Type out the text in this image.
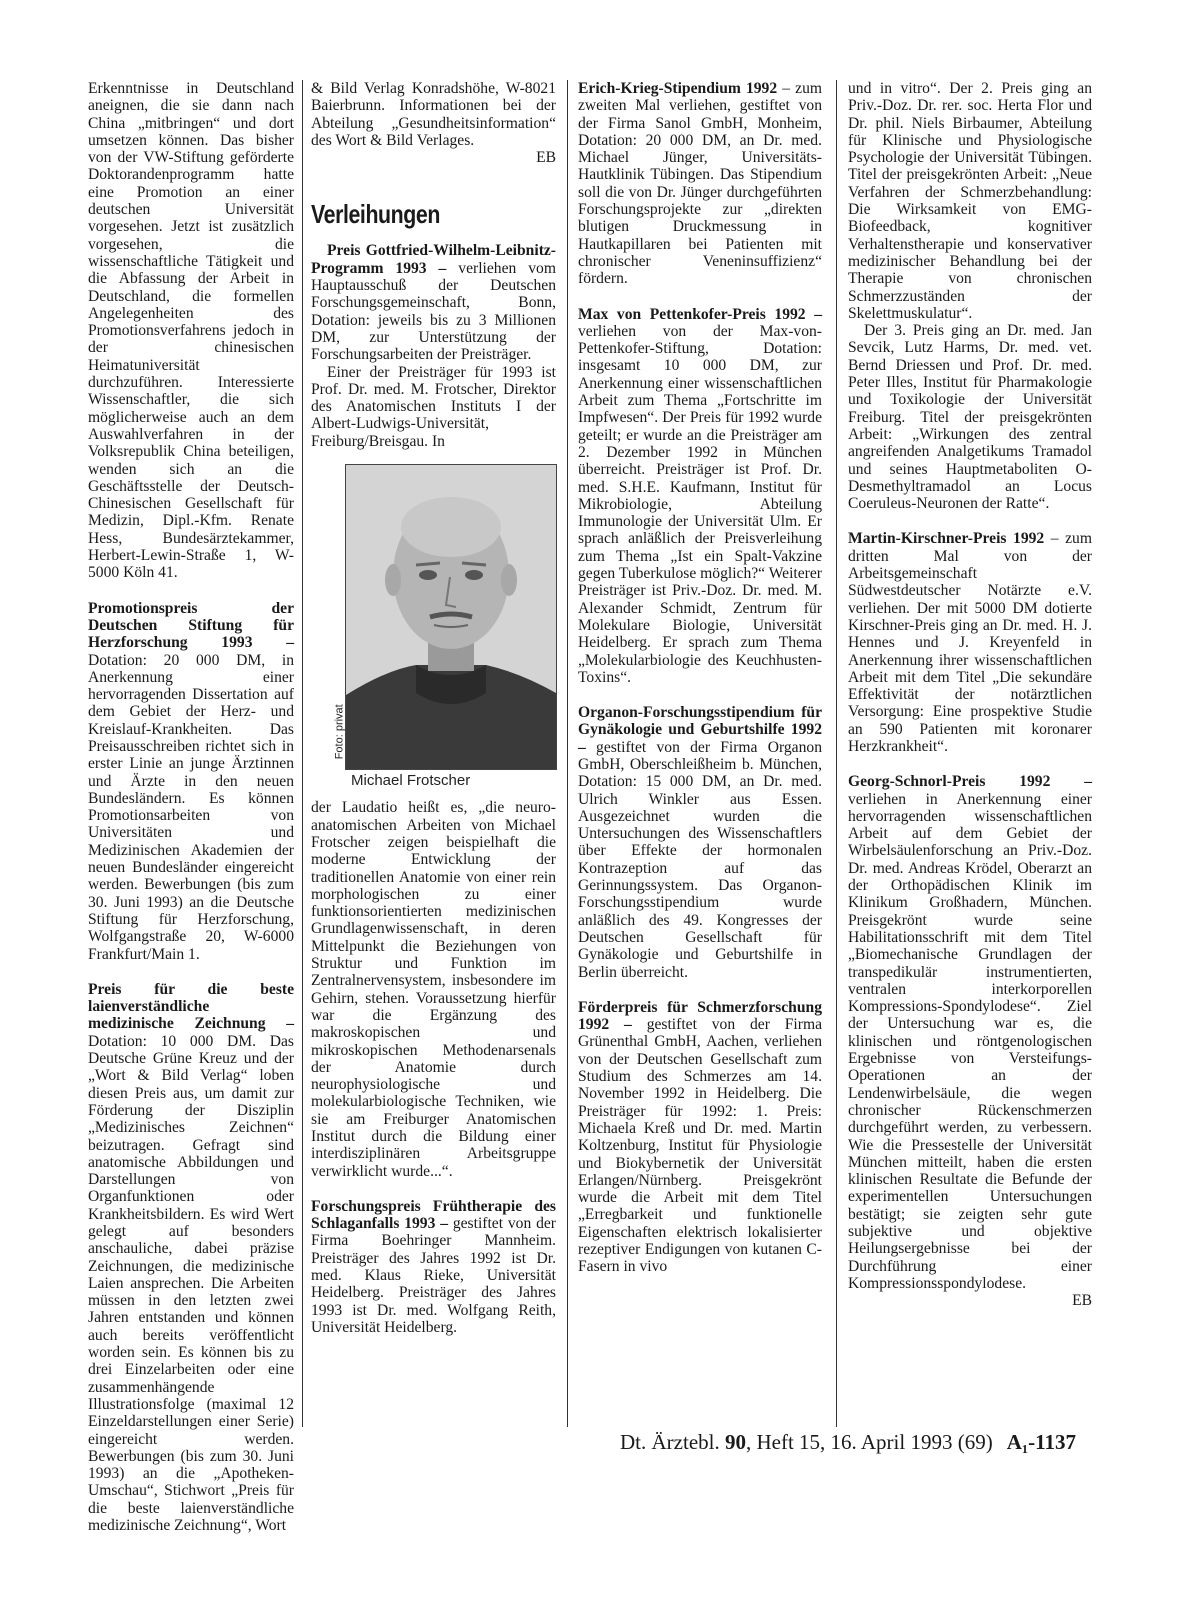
Erkenntnisse in Deutschland aneignen, die sie dann nach China „mitbringen“ und dort umsetzen können. Das bisher von der VW-Stiftung geförderte Doktorandenprogramm hatte eine Promotion an einer deutschen Universität vorgesehen. Jetzt ist zusätzlich vorgesehen, die wissenschaftliche Tätigkeit und die Abfassung der Arbeit in Deutschland, die formellen Angelegenheiten des Promotionsverfahrens jedoch in der chinesischen Heimatuniversität durchzuführen. Interessierte Wissenschaftler, die sich möglicherweise auch an dem Auswahlverfahren in der Volksrepublik China beteiligen, wenden sich an die Geschäftsstelle der Deutsch-Chinesischen Gesellschaft für Medizin, Dipl.-Kfm. Renate Hess, Bundesärztekammer, Herbert-Lewin-Straße 1, W-5000 Köln 41.

Promotionspreis der Deutschen Stiftung für Herzforschung 1993 – Dotation: 20 000 DM, in Anerkennung einer hervorragenden Dissertation auf dem Gebiet der Herz- und Kreislauf-Krankheiten. Das Preisausschreiben richtet sich in erster Linie an junge Ärztinnen und Ärzte in den neuen Bundesländern. Es können Promotionsarbeiten von Universitäten und Medizinischen Akademien der neuen Bundesländer eingereicht werden. Bewerbungen (bis zum 30. Juni 1993) an die Deutsche Stiftung für Herzforschung, Wolfgangstraße 20, W-6000 Frankfurt/Main 1.

Preis für die beste laienverständliche medizinische Zeichnung – Dotation: 10 000 DM. Das Deutsche Grüne Kreuz und der „Wort & Bild Verlag“ loben diesen Preis aus, um damit zur Förderung der Disziplin „Medizinisches Zeichnen“ beizutragen. Gefragt sind anatomische Abbildungen und Darstellungen von Organfunktionen oder Krankheitsbildern. Es wird Wert gelegt auf besonders anschauliche, dabei präzise Zeichnungen, die medizinische Laien ansprechen. Die Arbeiten müssen in den letzten zwei Jahren entstanden und können auch bereits veröffentlicht worden sein. Es können bis zu drei Einzelarbeiten oder eine zusammenhängende Illustrationsfolge (maximal 12 Einzeldarstellungen einer Serie) eingereicht werden. Bewerbungen (bis zum 30. Juni 1993) an die „Apotheken-Umschau“, Stichwort „Preis für die beste laienverständliche medizinische Zeichnung“, Wort

& Bild Verlag Konradshöhe, W-8021 Baierbrunn. Informationen bei der Abteilung „Gesundheitsinformation“ des Wort & Bild Verlages.
EB

Verleihungen

Preis Gottfried-Wilhelm-Leibnitz-Programm 1993 – verliehen vom Hauptausschuß der Deutschen Forschungsgemeinschaft, Bonn, Dotation: jeweils bis zu 3 Millionen DM, zur Unterstützung der Forschungsarbeiten der Preisträger.

Einer der Preisträger für 1993 ist Prof. Dr. med. M. Frotscher, Direktor des Anatomischen Instituts I der Albert-Ludwigs-Universität, Freiburg/Breisgau. In

Foto: privat
Michael Frotscher

der Laudatio heißt es, „die neuro-anatomischen Arbeiten von Michael Frotscher zeigen beispielhaft die moderne Entwicklung der traditionellen Anatomie von einer rein morphologischen zu einer funktionsorientierten medizinischen Grundlagenwissenschaft, in deren Mittelpunkt die Beziehungen von Struktur und Funktion im Zentralnervensystem, insbesondere im Gehirn, stehen. Voraussetzung hierfür war die Ergänzung des makroskopischen und mikroskopischen Methodenarsenals der Anatomie durch neurophysiologische und molekularbiologische Techniken, wie sie am Freiburger Anatomischen Institut durch die Bildung einer interdisziplinären Arbeitsgruppe verwirklicht wurde...“.

Forschungspreis Frühtherapie des Schlaganfalls 1993 – gestiftet von der Firma Boehringer Mannheim. Preisträger des Jahres 1992 ist Dr. med. Klaus Rieke, Universität Heidelberg. Preisträger des Jahres 1993 ist Dr. med. Wolfgang Reith, Universität Heidelberg.

Erich-Krieg-Stipendium 1992 – zum zweiten Mal verliehen, gestiftet von der Firma Sanol GmbH, Monheim, Dotation: 20 000 DM, an Dr. med. Michael Jünger, Universitäts-Hautklinik Tübingen. Das Stipendium soll die von Dr. Jünger durchgeführten Forschungsprojekte zur „direkten blutigen Druckmessung in Hautkapillaren bei Patienten mit chronischer Veneninsuffizienz“ fördern.

Max von Pettenkofer-Preis 1992 – verliehen von der Max-von-Pettenkofer-Stiftung, Dotation: insgesamt 10 000 DM, zur Anerkennung einer wissenschaftlichen Arbeit zum Thema „Fortschritte im Impfwesen“. Der Preis für 1992 wurde geteilt; er wurde an die Preisträger am 2. Dezember 1992 in München überreicht. Preisträger ist Prof. Dr. med. S.H.E. Kaufmann, Institut für Mikrobiologie, Abteilung Immunologie der Universität Ulm. Er sprach anläßlich der Preisverleihung zum Thema „Ist ein Spalt-Vakzine gegen Tuberkulose möglich?“ Weiterer Preisträger ist Priv.-Doz. Dr. med. M. Alexander Schmidt, Zentrum für Molekulare Biologie, Universität Heidelberg. Er sprach zum Thema „Molekularbiologie des Keuchhusten-Toxins“.

Organon-Forschungsstipendium für Gynäkologie und Geburtshilfe 1992 – gestiftet von der Firma Organon GmbH, Oberschleißheim b. München, Dotation: 15 000 DM, an Dr. med. Ulrich Winkler aus Essen. Ausgezeichnet wurden die Untersuchungen des Wissenschaftlers über Effekte der hormonalen Kontrazeption auf das Gerinnungssystem. Das Organon-Forschungsstipendium wurde anläßlich des 49. Kongresses der Deutschen Gesellschaft für Gynäkologie und Geburtshilfe in Berlin überreicht.

Förderpreis für Schmerzforschung 1992 – gestiftet von der Firma Grünenthal GmbH, Aachen, verliehen von der Deutschen Gesellschaft zum Studium des Schmerzes am 14. November 1992 in Heidelberg. Die Preisträger für 1992: 1. Preis: Michaela Kreß und Dr. med. Martin Koltzenburg, Institut für Physiologie und Biokybernetik der Universität Erlangen/Nürnberg. Preisgekrönt wurde die Arbeit mit dem Titel „Erregbarkeit und funktionelle Eigenschaften elektrisch lokalisierter rezeptiver Endigungen von kutanen C-Fasern in vivo

und in vitro“. Der 2. Preis ging an Priv.-Doz. Dr. rer. soc. Herta Flor und Dr. phil. Niels Birbaumer, Abteilung für Klinische und Physiologische Psychologie der Universität Tübingen. Titel der preisgekrönten Arbeit: „Neue Verfahren der Schmerzbehandlung: Die Wirksamkeit von EMG-Biofeedback, kognitiver Verhaltenstherapie und konservativer medizinischer Behandlung bei der Therapie von chronischen Schmerzzuständen der Skelettmuskulatur“.

Der 3. Preis ging an Dr. med. Jan Sevcik, Lutz Harms, Dr. med. vet. Bernd Driessen und Prof. Dr. med. Peter Illes, Institut für Pharmakologie und Toxikologie der Universität Freiburg. Titel der preisgekrönten Arbeit: „Wirkungen des zentral angreifenden Analgetikums Tramadol und seines Hauptmetaboliten O-Desmethyltramadol an Locus Coeruleus-Neuronen der Ratte“.

Martin-Kirschner-Preis 1992 – zum dritten Mal von der Arbeitsgemeinschaft Südwestdeutscher Notärzte e.V. verliehen. Der mit 5000 DM dotierte Kirschner-Preis ging an Dr. med. H. J. Hennes und J. Kreyenfeld in Anerkennung ihrer wissenschaftlichen Arbeit mit dem Titel „Die sekundäre Effektivität der notärztlichen Versorgung: Eine prospektive Studie an 590 Patienten mit koronarer Herzkrankheit“.

Georg-Schnorl-Preis 1992 – verliehen in Anerkennung einer hervorragenden wissenschaftlichen Arbeit auf dem Gebiet der Wirbelsäulenforschung an Priv.-Doz. Dr. med. Andreas Krödel, Oberarzt an der Orthopädischen Klinik im Klinikum Großhadern, München. Preisgekrönt wurde seine Habilitationsschrift mit dem Titel „Biomechanische Grundlagen der transpedikulär instrumentierten, ventralen interkorporellen Kompressions-Spondylodese“. Ziel der Untersuchung war es, die klinischen und röntgenologischen Ergebnisse von Versteifungs-Operationen an der Lendenwirbelsäule, die wegen chronischer Rückenschmerzen durchgeführt werden, zu verbessern. Wie die Pressestelle der Universität München mitteilt, haben die ersten klinischen Resultate die Befunde der experimentellen Untersuchungen bestätigt; sie zeigten sehr gute subjektive und objektive Heilungsergebnisse bei der Durchführung einer Kompressionsspondylodese.
EB

Dt. Ärztebl. 90, Heft 15, 16. April 1993 (69) A₁-1137
